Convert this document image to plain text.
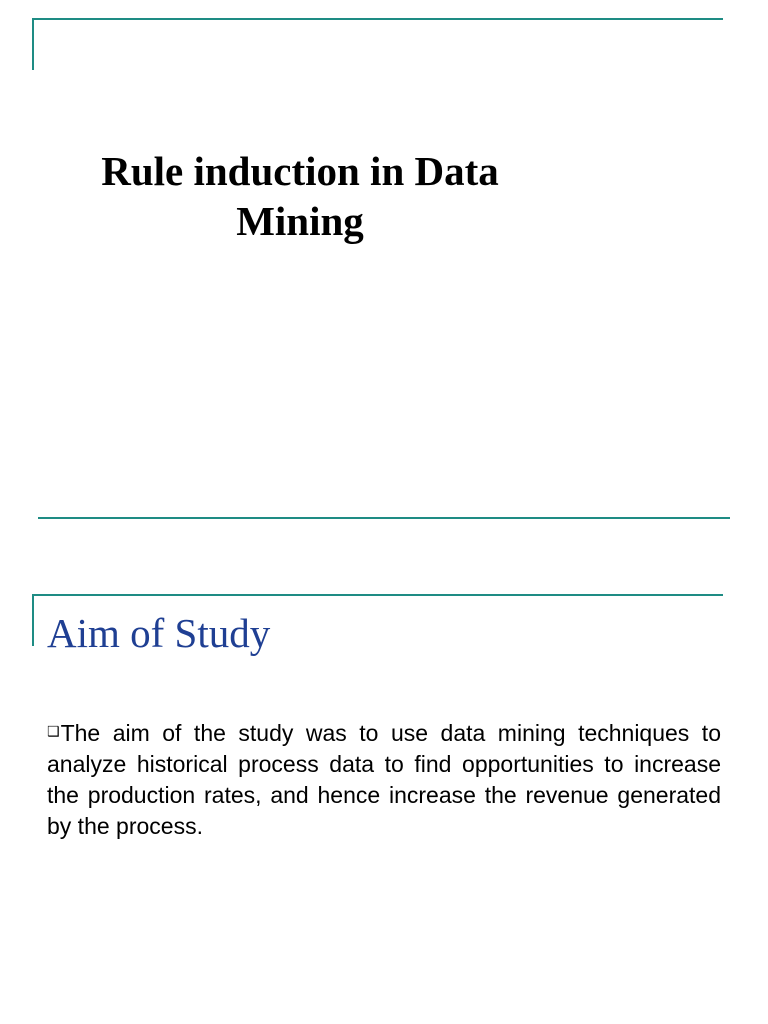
Rule induction in Data Mining
Aim of Study

❑The aim of the study was to use data mining techniques to analyze historical process data to find opportunities to increase the production rates, and hence increase the revenue generated by the process.
